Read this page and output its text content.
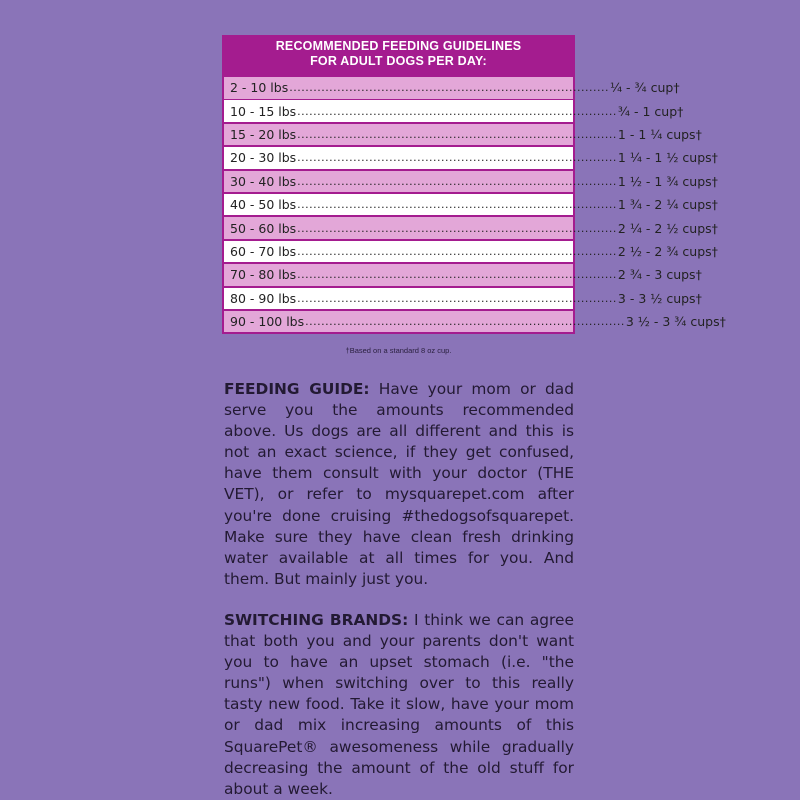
RECOMMENDED FEEDING GUIDELINES
FOR ADULT DOGS PER DAY:
2 - 10 lbs ................................................................................ ¼ - ¾ cup†
10 - 15 lbs ................................................................................ ¾ - 1 cup†
15 - 20 lbs ................................................................................ 1 - 1 ¼ cups†
20 - 30 lbs ................................................................................ 1 ¼ - 1 ½ cups†
30 - 40 lbs ................................................................................ 1 ½ - 1 ¾ cups†
40 - 50 lbs ................................................................................ 1 ¾ - 2 ¼ cups†
50 - 60 lbs ................................................................................ 2 ¼ - 2 ½ cups†
60 - 70 lbs ................................................................................ 2 ½ - 2 ¾ cups†
70 - 80 lbs ................................................................................ 2 ¾ - 3 cups†
80 - 90 lbs ................................................................................ 3 - 3 ½ cups†
90 - 100 lbs ................................................................................ 3 ½ - 3 ¾ cups†
†Based on a standard 8 oz cup.

FEEDING GUIDE: Have your mom or dad serve you the amounts recommended above. Us dogs are all different and this is not an exact science, if they get confused, have them consult with your doctor (THE VET), or refer to mysquarepet.com after you're done cruising #thedogsofsquarepet. Make sure they have clean fresh drinking water available at all times for you. And them. But mainly just you.

SWITCHING BRANDS: I think we can agree that both you and your parents don't want you to have an upset stomach (i.e. "the runs") when switching over to this really tasty new food. Take it slow, have your mom or dad mix increasing amounts of this SquarePet® awesomeness while gradually decreasing the amount of the old stuff for about a week.
